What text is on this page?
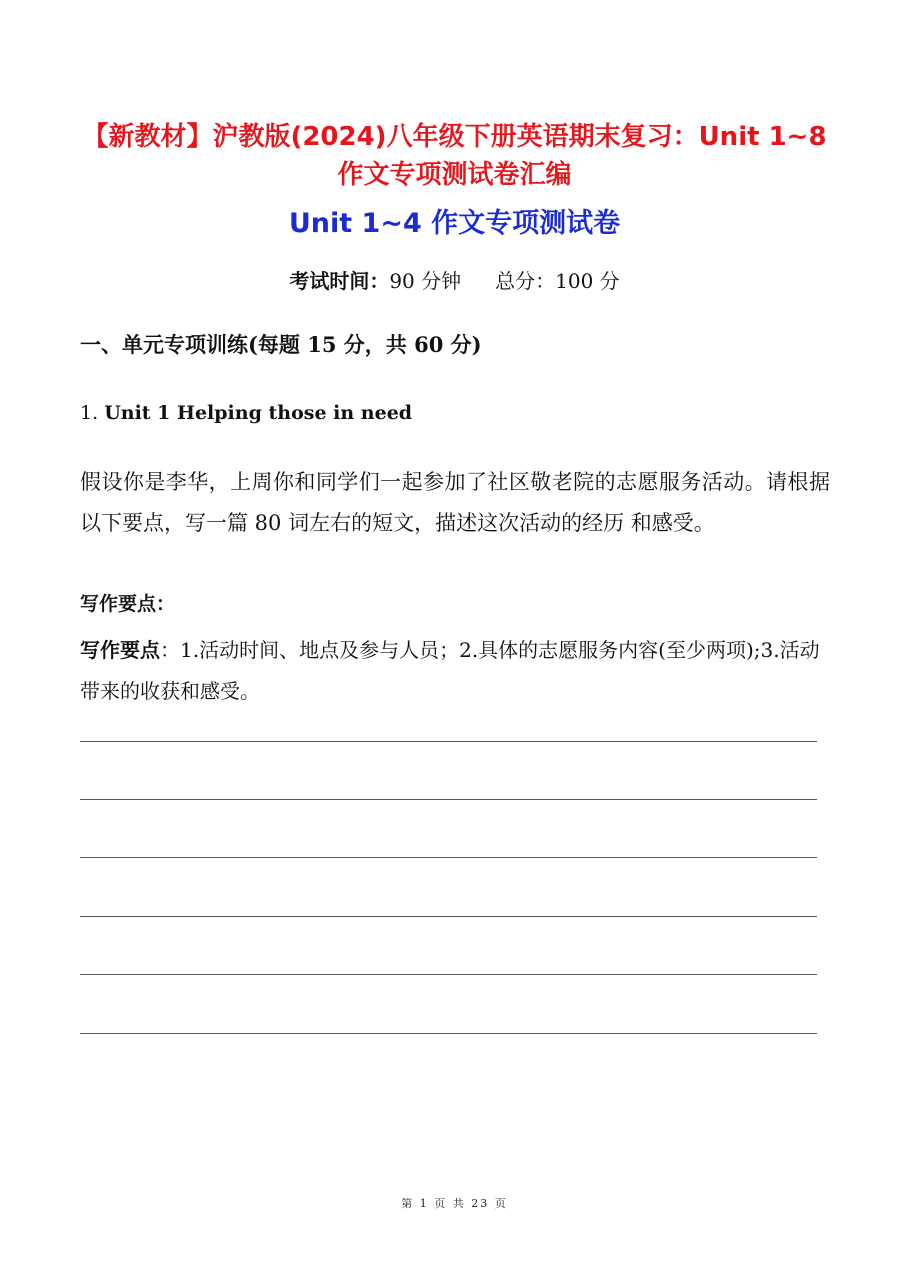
【新教材】沪教版(2024)八年级下册英语期末复习：Unit 1~8 作文专项测试卷汇编
Unit 1~4 作文专项测试卷
考试时间：90 分钟 总分：100 分
一、单元专项训练(每题 15 分，共 60 分)
1. Unit 1 Helping those in need

假设你是李华，上周你和同学们一起参加了社区敬老院的志愿服务活动。请根据以下要点，写一篇 80 词左右的短文，描述这次活动的经历 和感受。

写作要点：

写作要点：1.活动时间、地点及参与人员；2.具体的志愿服务内容(至少两项);3.活动带来的收获和感受。

第 1 页 共 23 页
